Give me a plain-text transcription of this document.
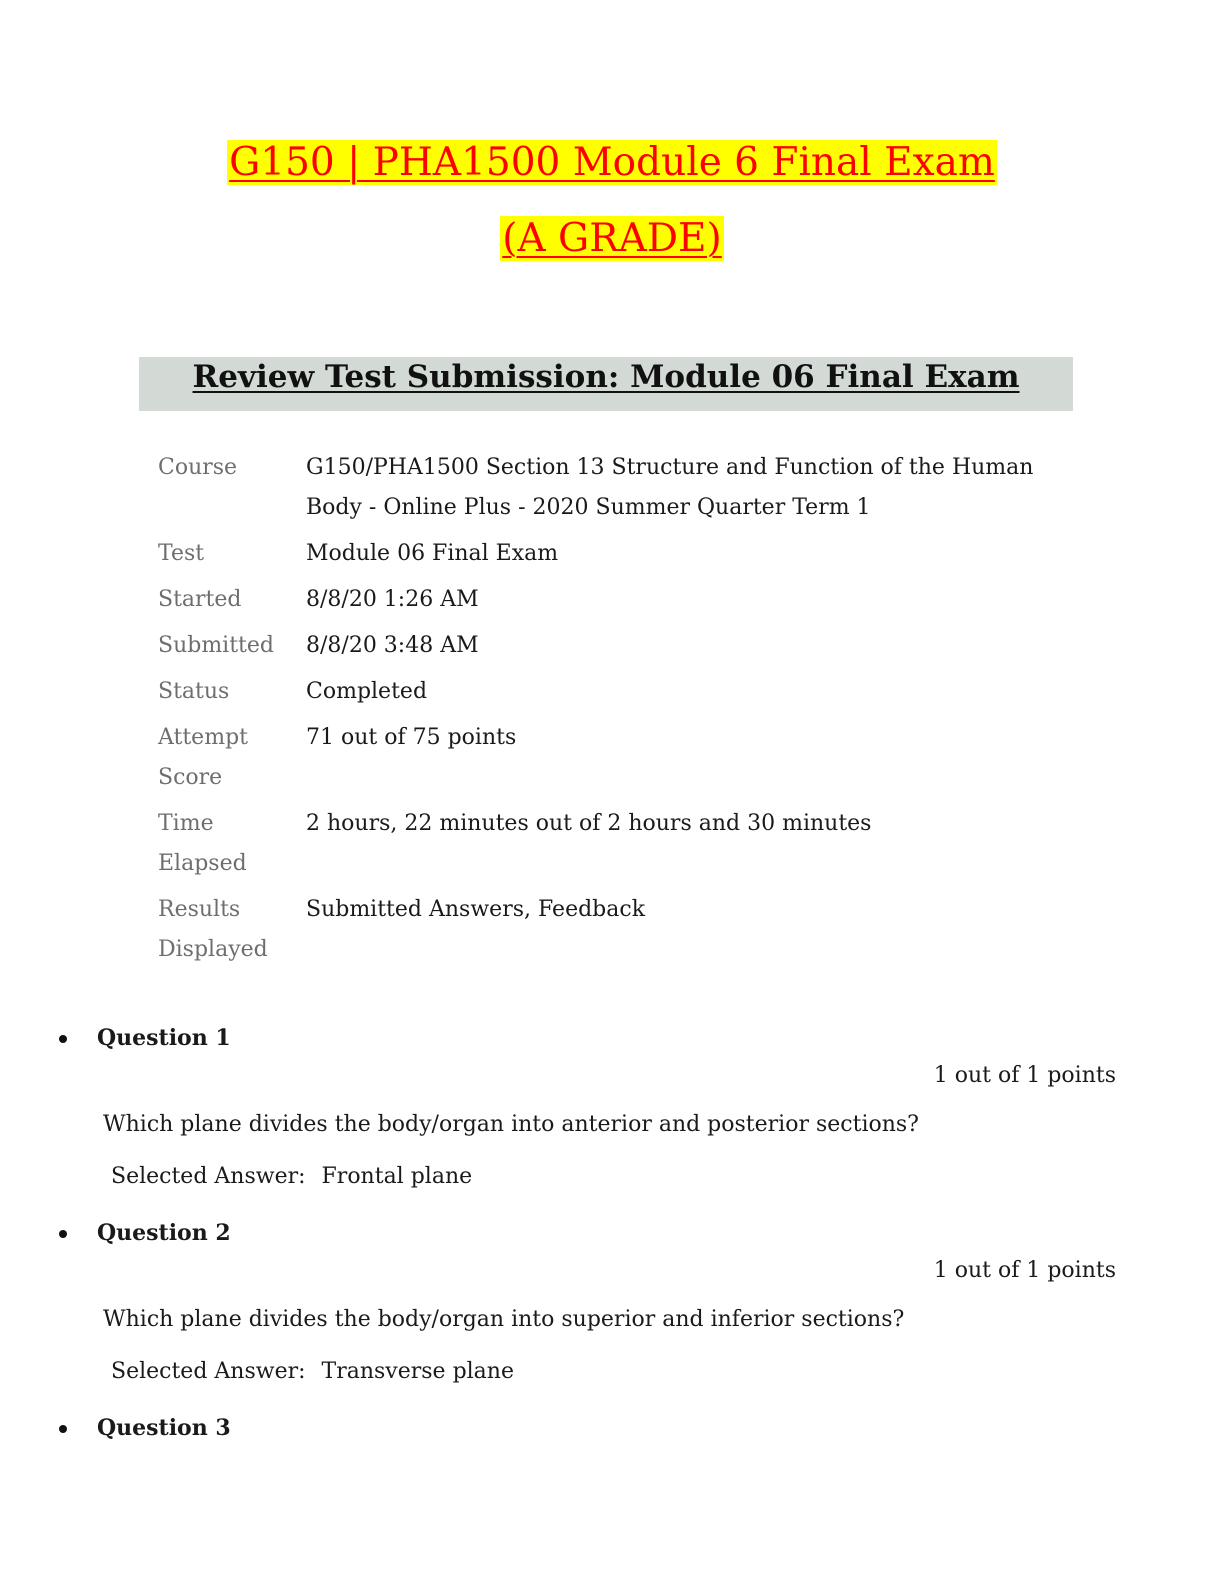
G150 | PHA1500 Module 6 Final Exam
(A GRADE)
Review Test Submission: Module 06 Final Exam
Course	G150/PHA1500 Section 13 Structure and Function of the Human Body - Online Plus - 2020 Summer Quarter Term 1
Test	Module 06 Final Exam
Started	8/8/20 1:26 AM
Submitted	8/8/20 3:48 AM
Status	Completed
Attempt Score	71 out of 75 points
Time Elapsed	2 hours, 22 minutes out of 2 hours and 30 minutes
Results Displayed	Submitted Answers, Feedback
Question 1
1 out of 1 points
Which plane divides the body/organ into anterior and posterior sections?
Selected Answer: Frontal plane
Question 2
1 out of 1 points
Which plane divides the body/organ into superior and inferior sections?
Selected Answer: Transverse plane
Question 3
